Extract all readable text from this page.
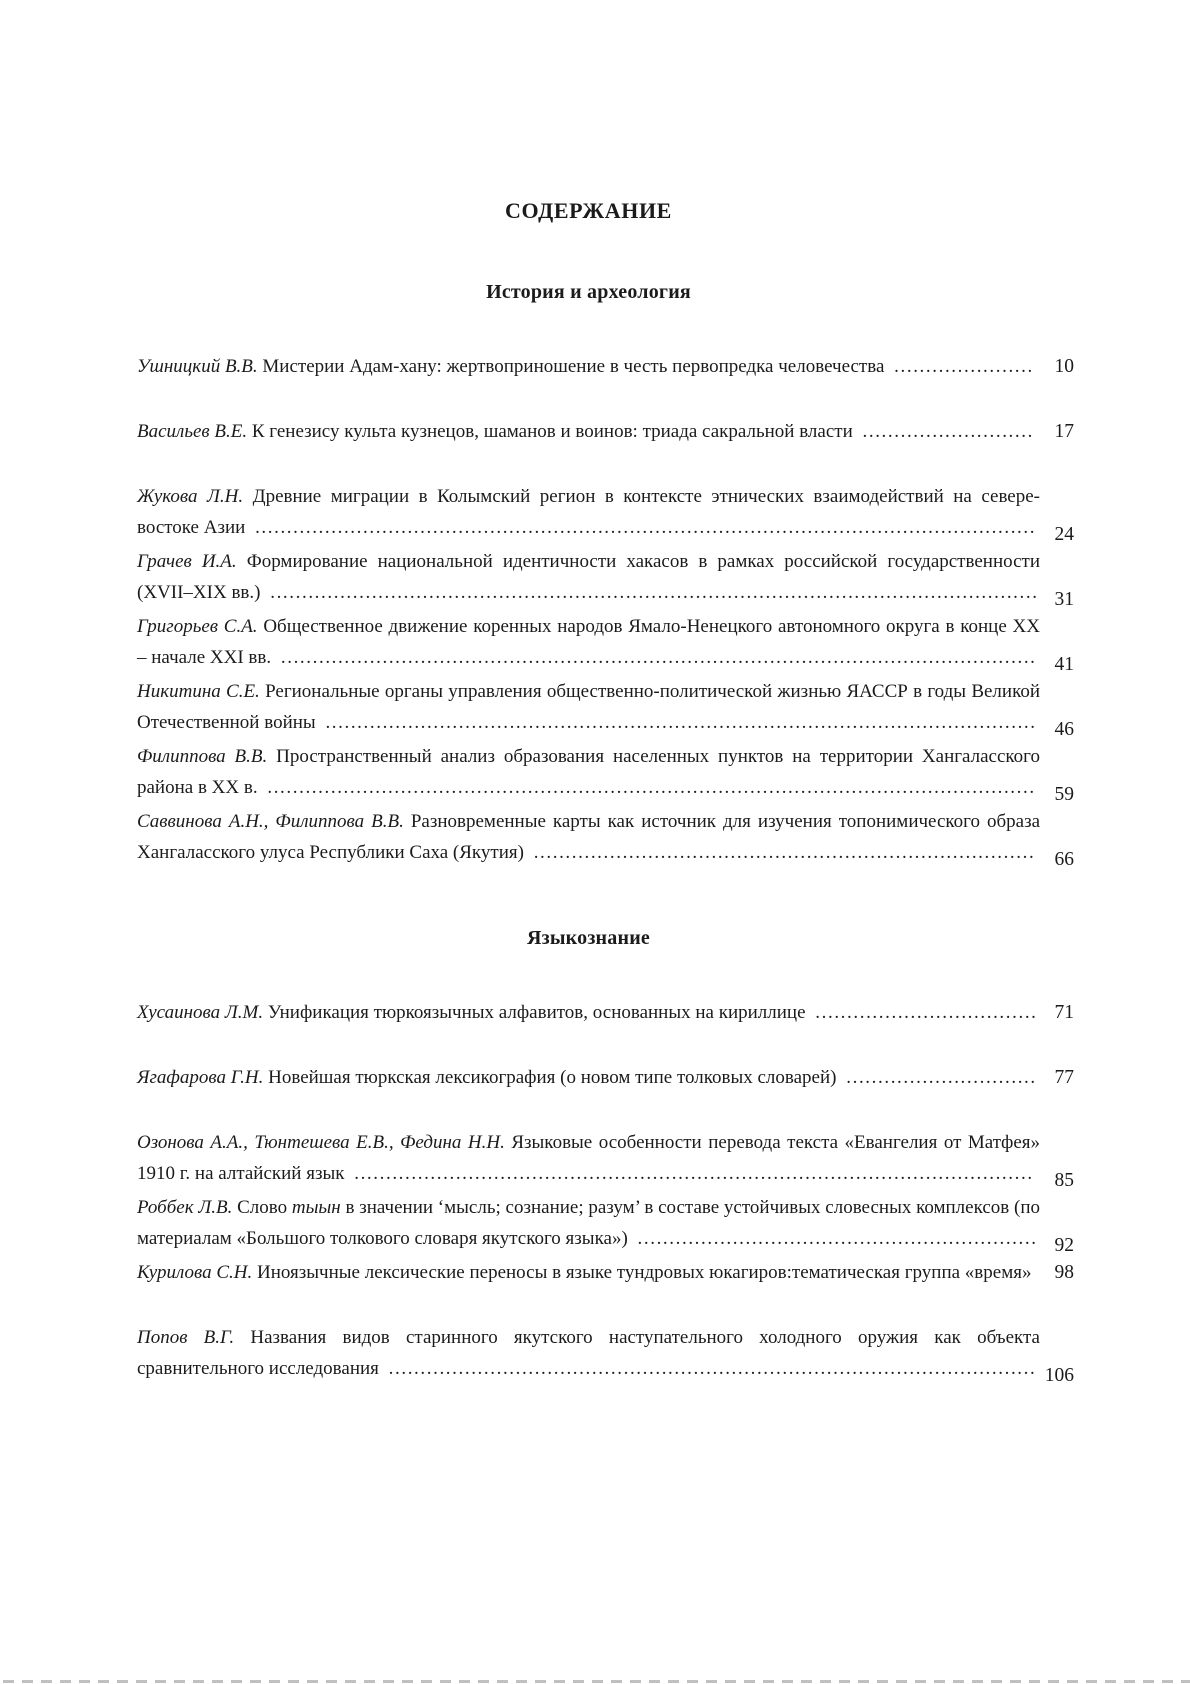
СОДЕРЖАНИЕ
История и археология
Ушницкий В.В. Мистерии Адам-хану: жертвоприношение в честь первопредка человечества ...................... 10
Васильев В.Е. К генезису культа кузнецов, шаманов и воинов: триада сакральной власти ........................... 17
Жукова Л.Н. Древние миграции в Колымский регион в контексте этнических взаимодействий на севере-востоке Азии ........................................................................................................................... 24
Грачев И.А. Формирование национальной идентичности хакасов в рамках российской государственности (XVII–XIX вв.) ......................................................................................................................... 31
Григорьев С.А. Общественное движение коренных народов Ямало-Ненецкого автономного округа в конце XX – начале XXI вв. ....................................................................................................................... 41
Никитина С.Е. Региональные органы управления общественно-политической жизнью ЯАССР в годы Великой Отечественной войны ................................................................................................................ 46
Филиппова В.В. Пространственный анализ образования населенных пунктов на территории Хангаласского района в XX в. ......................................................................................................................... 59
Саввинова А.Н., Филиппова В.В. Разновременные карты как источник для изучения топонимического образа Хангаласского улуса Республики Саха (Якутия) ............................................................................... 66
Языкознание
Хусаинова Л.М. Унификация тюркоязычных алфавитов, основанных на кириллице ................................... 71
Ягафарова Г.Н. Новейшая тюркская лексикография (о новом типе толковых словарей) .............................. 77
Озонова А.А., Тюнтешева Е.В., Федина Н.Н. Языковые особенности перевода текста «Евангелия от Матфея» 1910 г. на алтайский язык ........................................................................................................... 85
Роббек Л.В. Слово тыын в значении ‘мысль; сознание; разум’ в составе устойчивых словесных комплексов (по материалам «Большого толкового словаря якутского языка») ............................................................... 92
Курилова С.Н. Иноязычные лексические переносы в языке тундровых юкагиров:тематическая группа «время» 98
Попов В.Г. Названия видов старинного якутского наступательного холодного оружия как объекта сравнительного исследования ...................................................................................................... 106
